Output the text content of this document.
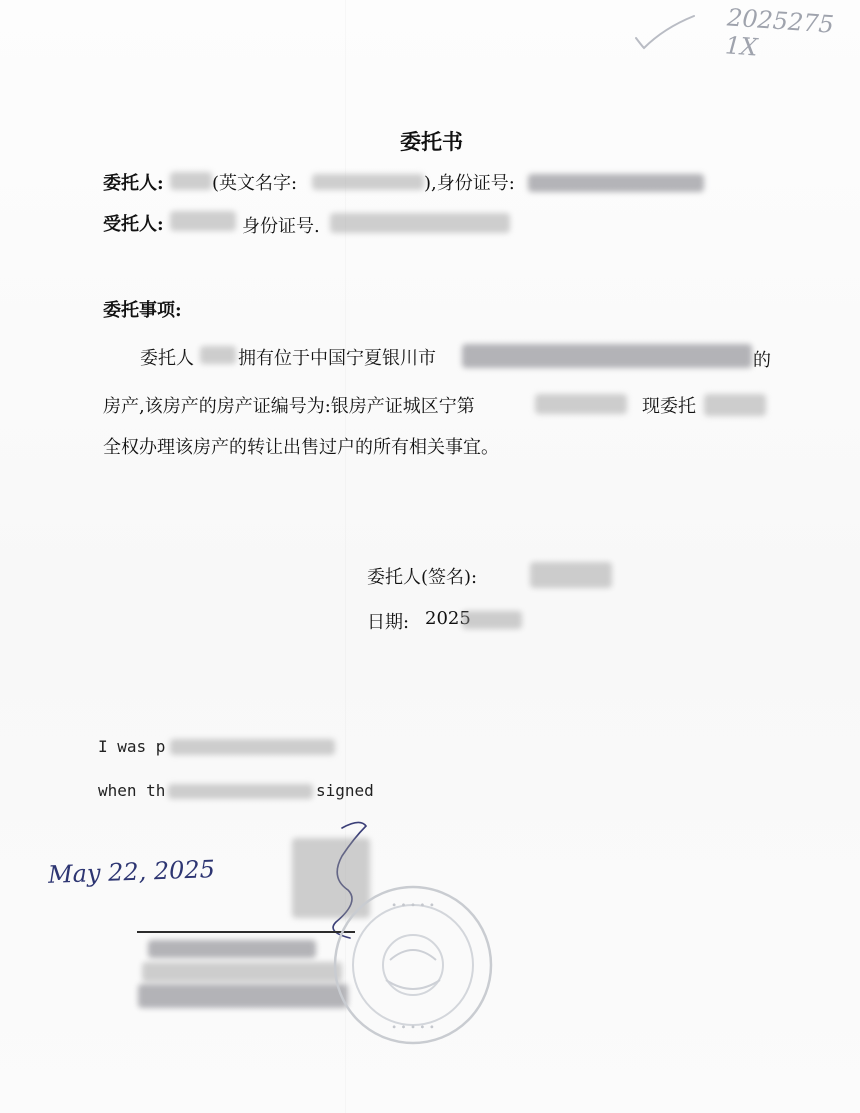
2025275 1X
委托书
委托人:	(英文名字:	),身份证号:
受托人:	身份证号.
委托事项:
委托人 拥有位于中国宁夏银川市	的
房产,该房产的房产证编号为:银房产证城区宁第	现委托
全权办理该房产的转让出售过户的所有相关事宜。
委托人(签名):
日期: 2025
I was p
when th	signed
May 22, 2025
∙ ∙ ∙ ∙ ∙
∙ ∙ ∙ ∙ ∙
